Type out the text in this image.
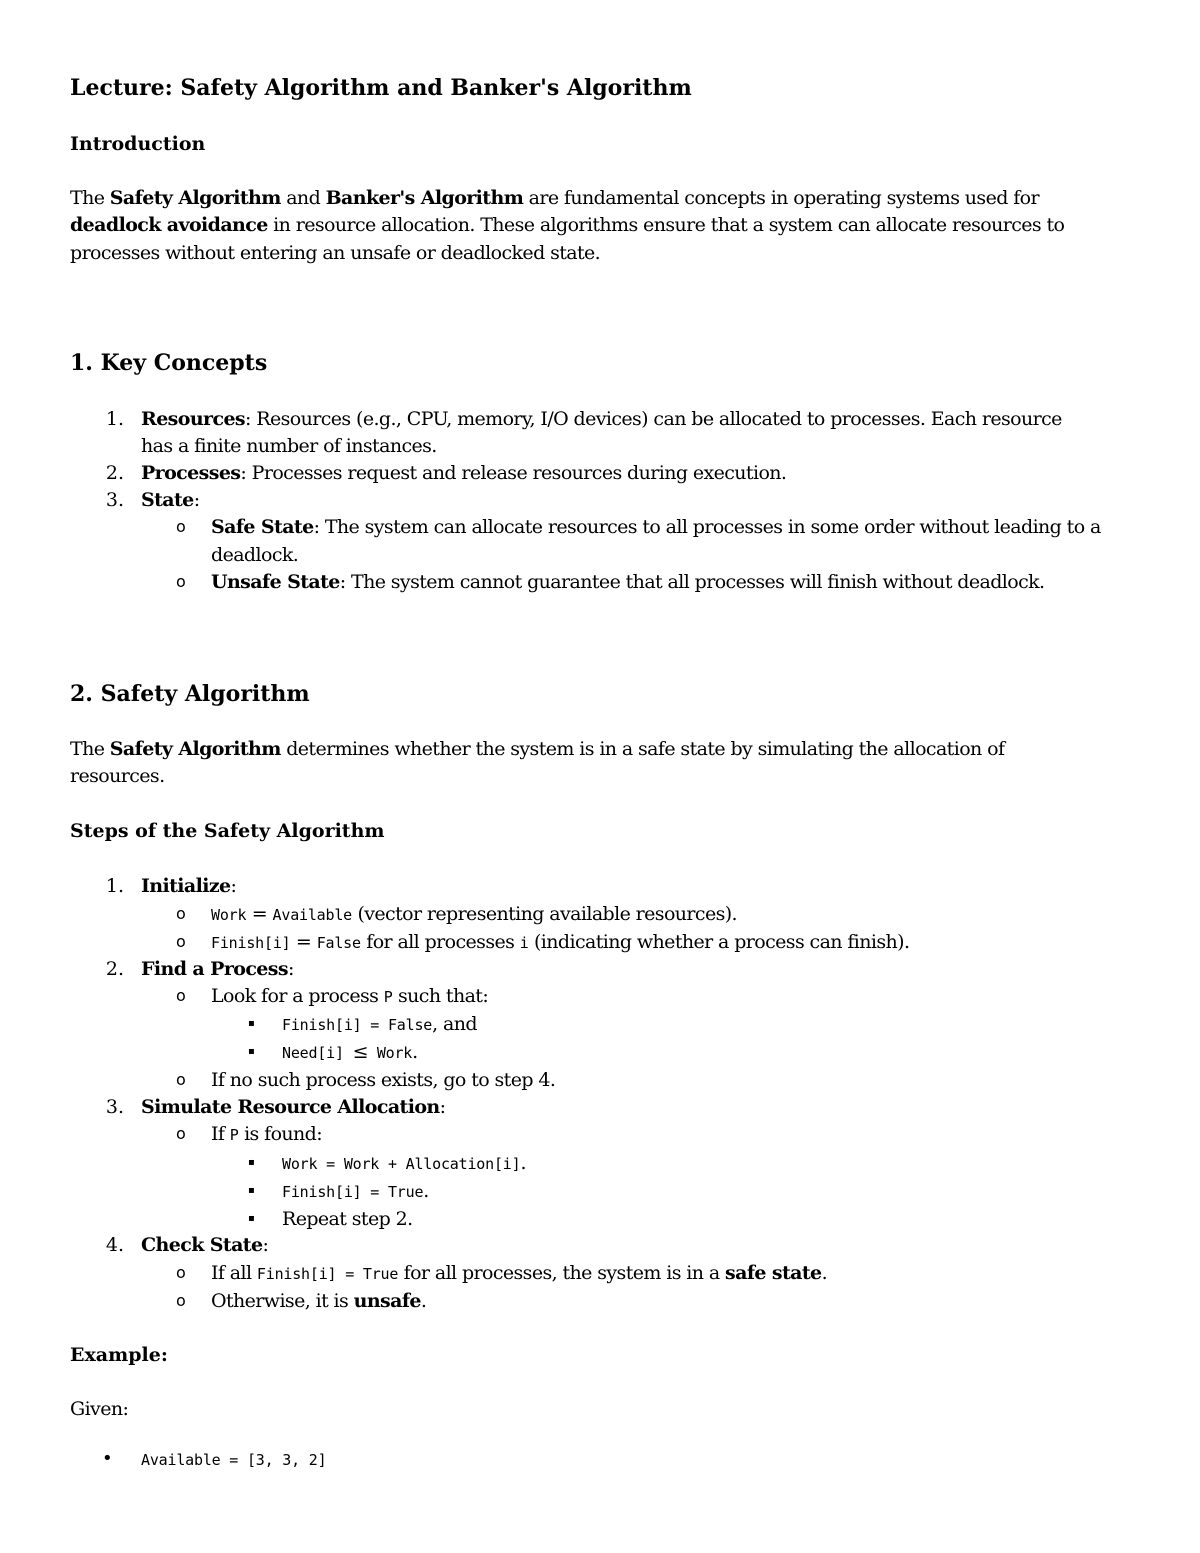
Lecture: Safety Algorithm and Banker's Algorithm
Introduction
The Safety Algorithm and Banker's Algorithm are fundamental concepts in operating systems used for
deadlock avoidance in resource allocation. These algorithms ensure that a system can allocate resources to
processes without entering an unsafe or deadlocked state.
1. Key Concepts
1. Resources: Resources (e.g., CPU, memory, I/O devices) can be allocated to processes. Each resource
has a finite number of instances.
2. Processes: Processes request and release resources during execution.
3. State:
o Safe State: The system can allocate resources to all processes in some order without leading to a
deadlock.
o Unsafe State: The system cannot guarantee that all processes will finish without deadlock.
2. Safety Algorithm
The Safety Algorithm determines whether the system is in a safe state by simulating the allocation of
resources.
Steps of the Safety Algorithm
1. Initialize:
o Work = Available (vector representing available resources).
o Finish[i] = False for all processes i (indicating whether a process can finish).
2. Find a Process:
o Look for a process P such that:
▪ Finish[i] = False, and
▪ Need[i] ≤ Work.
o If no such process exists, go to step 4.
3. Simulate Resource Allocation:
o If P is found:
▪ Work = Work + Allocation[i].
▪ Finish[i] = True.
▪ Repeat step 2.
4. Check State:
o If all Finish[i] = True for all processes, the system is in a safe state.
o Otherwise, it is unsafe.
Example:
Given:
• Available = [3, 3, 2]
